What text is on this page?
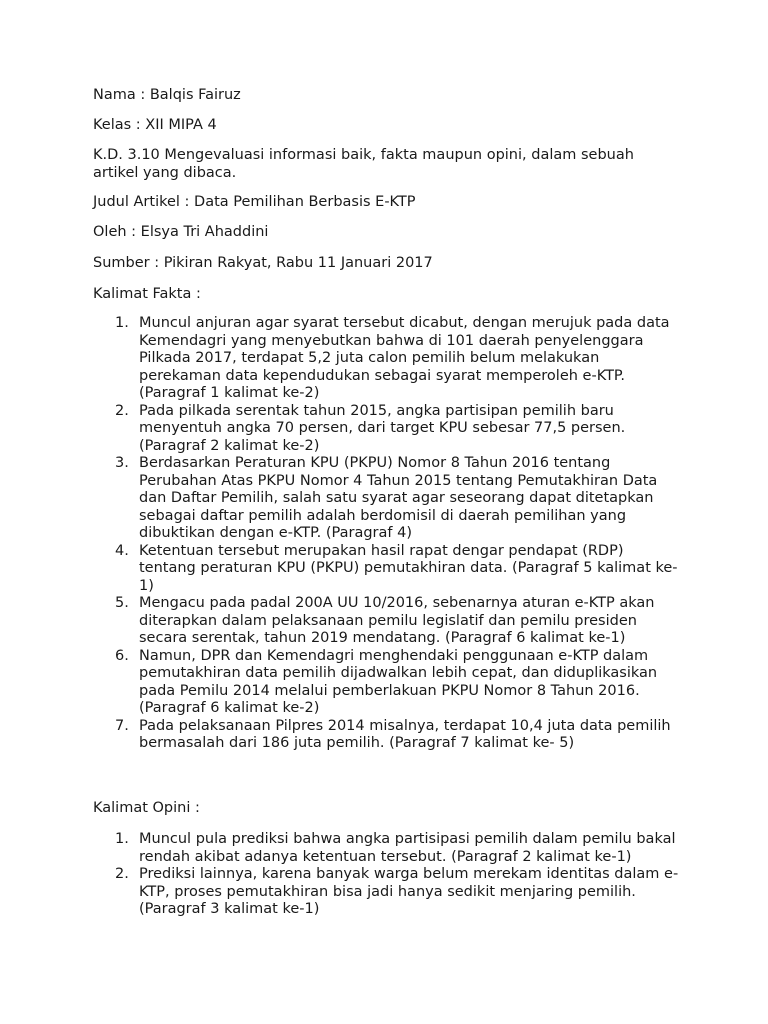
Nama : Balqis Fairuz

Kelas : XII MIPA 4

K.D. 3.10 Mengevaluasi informasi baik, fakta maupun opini, dalam sebuah artikel yang dibaca.

Judul Artikel : Data Pemilihan Berbasis E-KTP

Oleh : Elsya Tri Ahaddini

Sumber : Pikiran Rakyat, Rabu 11 Januari 2017

Kalimat Fakta :

1. Muncul anjuran agar syarat tersebut dicabut, dengan merujuk pada data Kemendagri yang menyebutkan bahwa di 101 daerah penyelenggara Pilkada 2017, terdapat 5,2 juta calon pemilih belum melakukan perekaman data kependudukan sebagai syarat memperoleh e-KTP. (Paragraf 1 kalimat ke-2)
2. Pada pilkada serentak tahun 2015, angka partisipan pemilih baru menyentuh angka 70 persen, dari target KPU sebesar 77,5 persen. (Paragraf 2 kalimat ke-2)
3. Berdasarkan Peraturan KPU (PKPU) Nomor 8 Tahun 2016 tentang Perubahan Atas PKPU Nomor 4 Tahun 2015 tentang Pemutakhiran Data dan Daftar Pemilih, salah satu syarat agar seseorang dapat ditetapkan sebagai daftar pemilih adalah berdomisil di daerah pemilihan yang dibuktikan dengan e-KTP. (Paragraf 4)
4. Ketentuan tersebut merupakan hasil rapat dengar pendapat (RDP) tentang peraturan KPU (PKPU) pemutakhiran data. (Paragraf 5 kalimat ke-1)
5. Mengacu pada padal 200A UU 10/2016, sebenarnya aturan e-KTP akan diterapkan dalam pelaksanaan pemilu legislatif dan pemilu presiden secara serentak, tahun 2019 mendatang. (Paragraf 6 kalimat ke-1)
6. Namun, DPR dan Kemendagri menghendaki penggunaan e-KTP dalam pemutakhiran data pemilih dijadwalkan lebih cepat, dan diduplikasikan pada Pemilu 2014 melalui pemberlakuan PKPU Nomor 8 Tahun 2016. (Paragraf 6 kalimat ke-2)
7. Pada pelaksanaan Pilpres 2014 misalnya, terdapat 10,4 juta data pemilih bermasalah dari 186 juta pemilih. (Paragraf 7 kalimat ke- 5)

Kalimat Opini :

1. Muncul pula prediksi bahwa angka partisipasi pemilih dalam pemilu bakal rendah akibat adanya ketentuan tersebut. (Paragraf 2 kalimat ke-1)
2. Prediksi lainnya, karena banyak warga belum merekam identitas dalam e-KTP, proses pemutakhiran bisa jadi hanya sedikit menjaring pemilih. (Paragraf 3 kalimat ke-1)
